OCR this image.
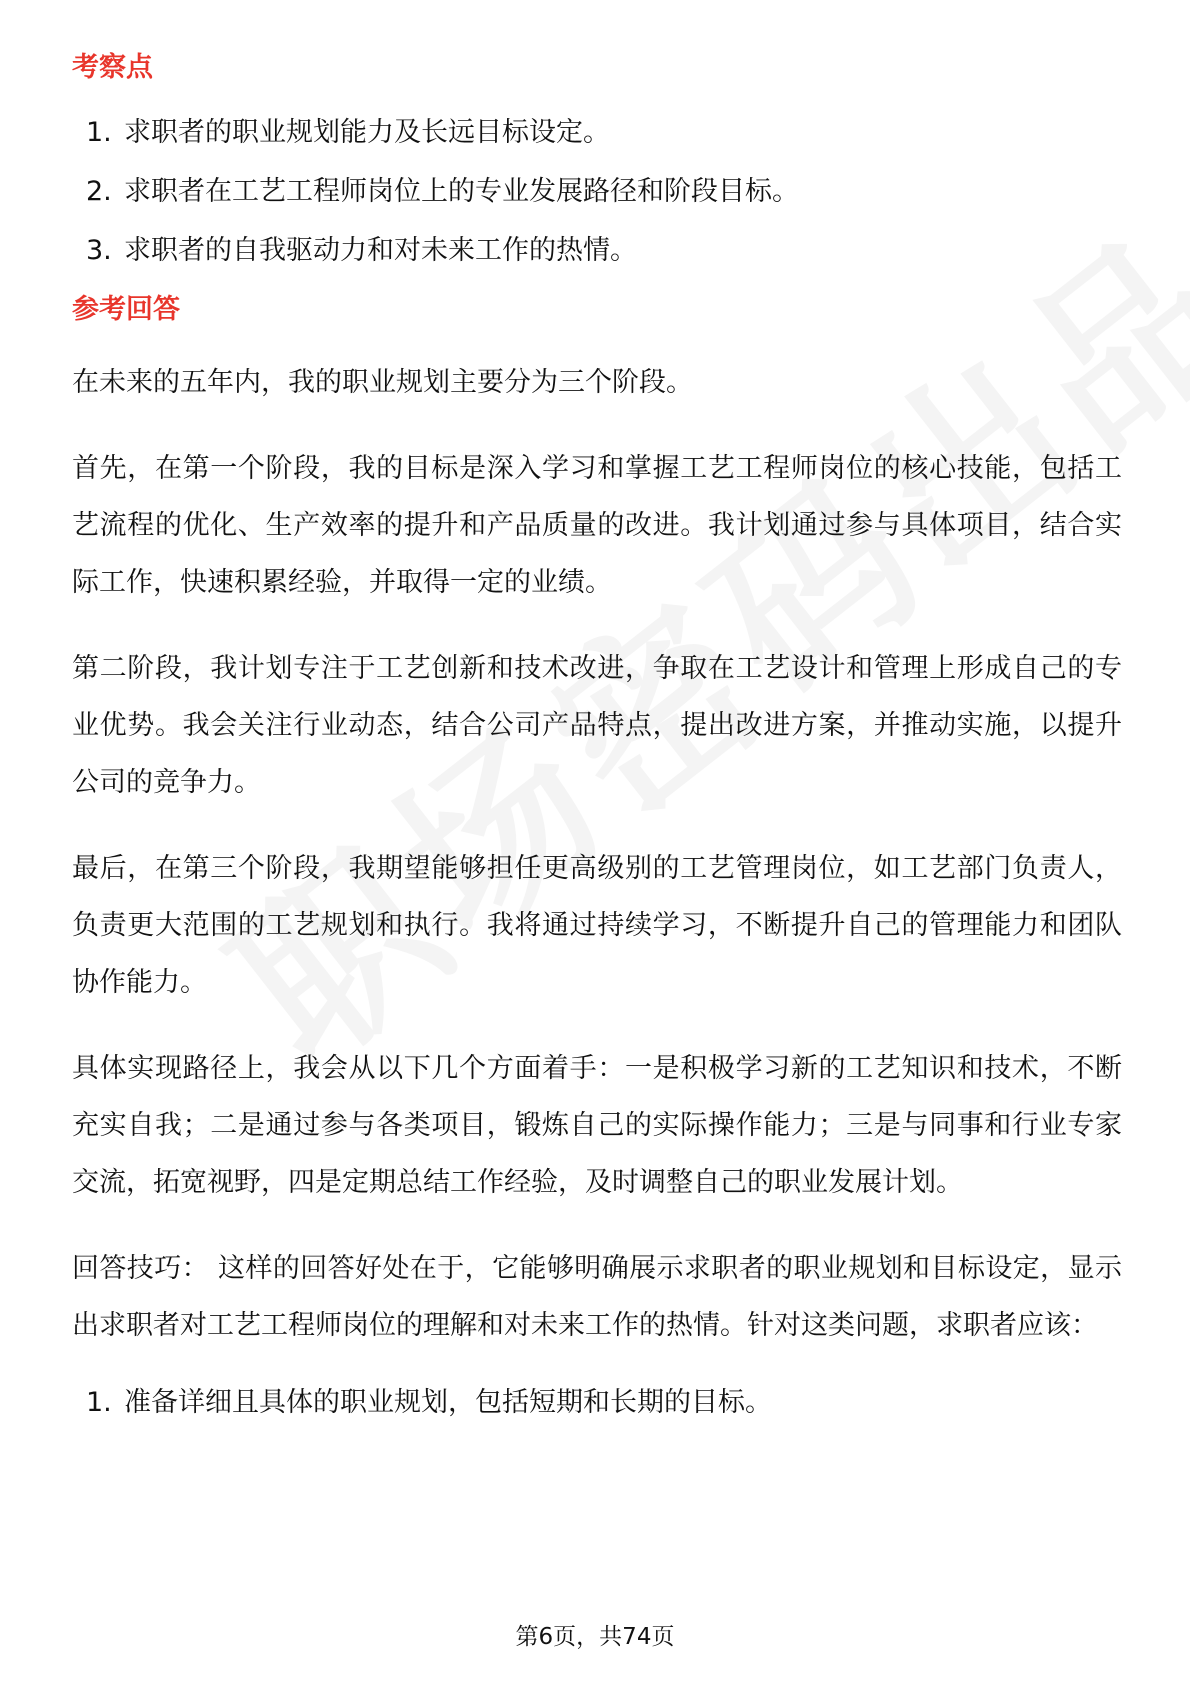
考察点
1. 求职者的职业规划能力及长远目标设定。
2. 求职者在工艺工程师岗位上的专业发展路径和阶段目标。
3. 求职者的自我驱动力和对未来工作的热情。
参考回答

在未来的五年内，我的职业规划主要分为三个阶段。

首先，在第一个阶段，我的目标是深入学习和掌握工艺工程师岗位的核心技能，包括工艺流程的优化、生产效率的提升和产品质量的改进。我计划通过参与具体项目，结合实际工作，快速积累经验，并取得一定的业绩。

第二阶段，我计划专注于工艺创新和技术改进，争取在工艺设计和管理上形成自己的专业优势。我会关注行业动态，结合公司产品特点，提出改进方案，并推动实施，以提升公司的竞争力。

最后，在第三个阶段，我期望能够担任更高级别的工艺管理岗位，如工艺部门负责人，负责更大范围的工艺规划和执行。我将通过持续学习，不断提升自己的管理能力和团队协作能力。

具体实现路径上，我会从以下几个方面着手：一是积极学习新的工艺知识和技术，不断充实自我；二是通过参与各类项目，锻炼自己的实际操作能力；三是与同事和行业专家交流，拓宽视野，四是定期总结工作经验，及时调整自己的职业发展计划。

回答技巧： 这样的回答好处在于，它能够明确展示求职者的职业规划和目标设定，显示出求职者对工艺工程师岗位的理解和对未来工作的热情。针对这类问题，求职者应该：

1. 准备详细且具体的职业规划，包括短期和长期的目标。
第6页，共74页
